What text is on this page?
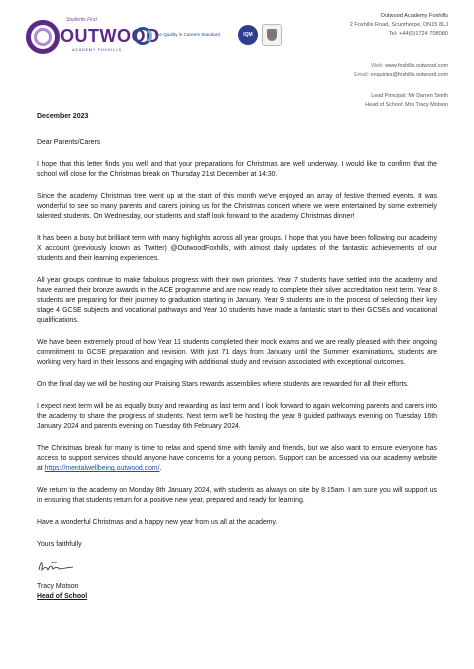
Students First
OUTWOOD
ACADEMY FOXHILLS
The Quality in Careers Standard	IQM
Outwood Academy Foxhills
2 Foxhills Road, Scunthorpe, DN15 8LJ
Tel: +44(0)1724 708080
Web: www.foxhills.outwood.com
Email: enquiries@foxhills.outwood.com
Lead Principal: Mr Darren Smith
Head of School: Mrs Tracy Motson
December 2023
Dear Parents/Carers

I hope that this letter finds you well and that your preparations for Christmas are well underway. I would like to confirm that the school will close for the Christmas break on Thursday 21st December at 14:30.

Since the academy Christmas tree went up at the start of this month we've enjoyed an array of festive themed events. It was wonderful to see so many parents and carers joining us for the Christmas concert where we were entertained by some extremely talented students. On Wednesday, our students and staff look forward to the academy Christmas dinner!

It has been a busy but brilliant term with many highlights across all year groups. I hope that you have been following our academy X account (previously known as Twitter) @OutwoodFoxhills, with almost daily updates of the fantastic achievements of our students and their learning experiences.

All year groups continue to make fabulous progress with their own priorities. Year 7 students have settled into the academy and have earned their bronze awards in the ACE programme and are now ready to complete their silver accreditation next term. Year 8 students are preparing for their journey to graduation starting in January. Year 9 students are in the process of selecting their key stage 4 GCSE subjects and vocational pathways and Year 10 students have made a fantastic start to their GCSEs and vocational qualifications.

We have been extremely proud of how Year 11 students completed their mock exams and we are really pleased with their ongoing commitment to GCSE preparation and revision. With just 71 days from January until the Summer examinations, students are working very hard in their lessons and engaging with additional study and revision associated with exceptional outcomes.

On the final day we will be hosting our Praising Stars rewards assemblies where students are rewarded for all their efforts.

I expect next term will be as equally busy and rewarding as last term and I look forward to again welcoming parents and carers into the academy to share the progress of students. Next term we'll be hosting the year 9 guided pathways evening on Tuesday 16th January 2024 and parents evening on Tuesday 6th February 2024.

The Christmas break for many is time to relax and spend time with family and friends, but we also want to ensure everyone has access to support services should anyone have concerns for a young person. Support can be accessed via our academy website at https://mentalwellbeing.outwood.com/.

We return to the academy on Monday 8th January 2024, with students as always on site by 8:15am. I am sure you will support us in ensuring that students return for a positive new year, prepared and ready for learning.

Have a wonderful Christmas and a happy new year from us all at the academy.

Yours faithfully
Tracy Motson
Head of School
